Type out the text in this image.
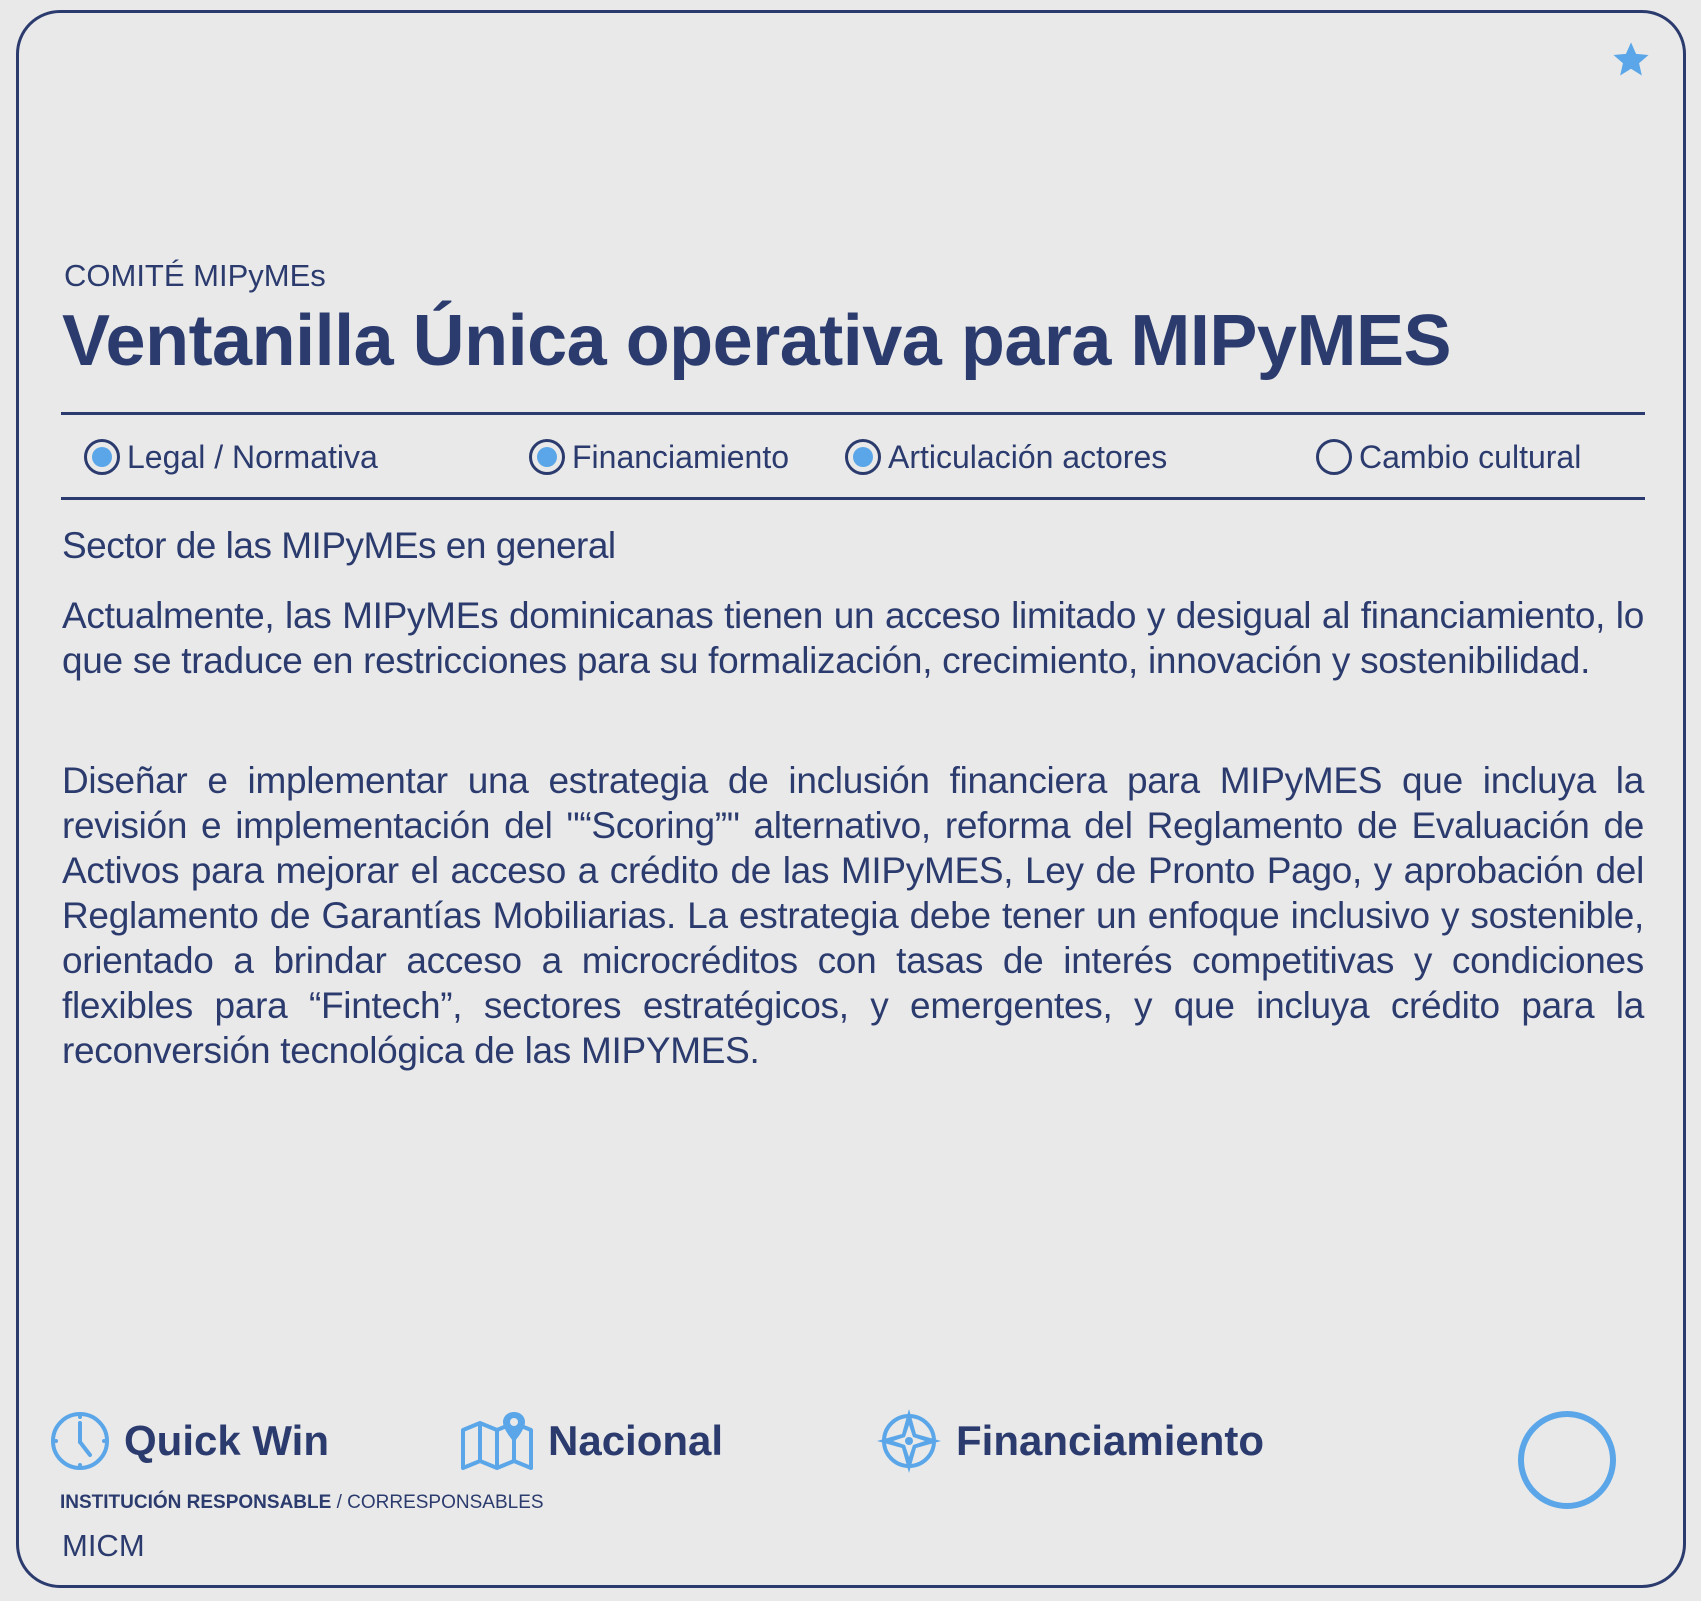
COMITÉ MIPyMEs
Ventanilla Única operativa para MIPyMES
Legal / Normativa	Financiamiento	Articulación actores	Cambio cultural
Sector de las MIPyMEs en general
Actualmente, las MIPyMEs dominicanas tienen un acceso limitado y desigual al financiamiento, lo que se traduce en restricciones para su formalización, crecimiento, innovación y sostenibilidad.
Diseñar e implementar una estrategia de inclusión financiera para MIPyMES que incluya la revisión e implementación del "“Scoring”" alternativo, reforma del Reglamento de Evaluación de Activos para mejorar el acceso a crédito de las MIPyMES, Ley de Pronto Pago, y aprobación del Reglamento de Garantías Mobiliarias. La estrategia debe tener un enfoque inclusivo y sostenible, orientado a brindar acceso a microcréditos con tasas de interés competitivas y condiciones flexibles para “Fintech”, sectores estratégicos, y emergentes, y que incluya crédito para la reconversión tecnológica de las MIPYMES.
Quick Win	Nacional	Financiamiento
INSTITUCIÓN RESPONSABLE / CORRESPONSABLES
MICM
